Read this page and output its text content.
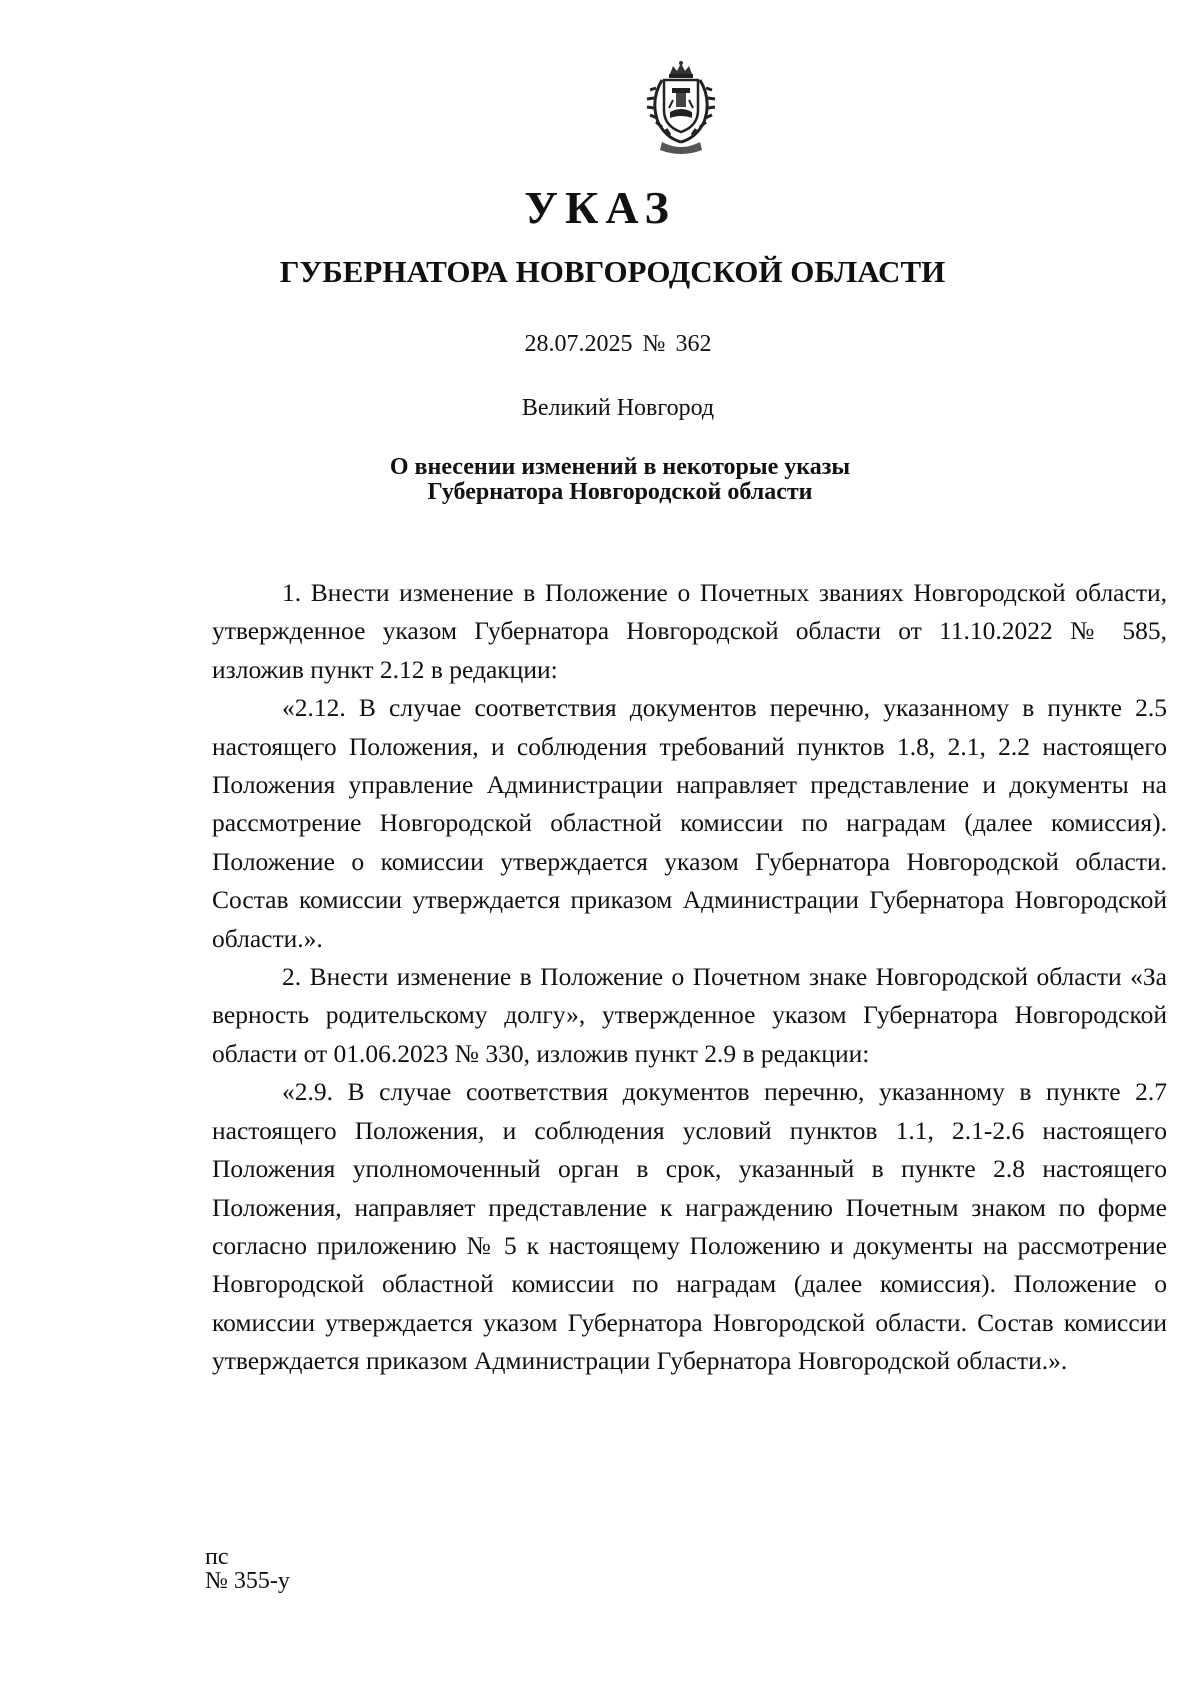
УКАЗ
ГУБЕРНАТОРА НОВГОРОДСКОЙ ОБЛАСТИ
28.07.2025 № 362
Великий Новгород
О внесении изменений в некоторые указы
Губернатора Новгородской области

1. Внести изменение в Положение о Почетных званиях Новгородской области, утвержденное указом Губернатора Новгородской области от 11.10.2022 № 585, изложив пункт 2.12 в редакции:

«2.12. В случае соответствия документов перечню, указанному в пункте 2.5 настоящего Положения, и соблюдения требований пунктов 1.8, 2.1, 2.2 настоящего Положения управление Администрации направляет представление и документы на рассмотрение Новгородской областной комиссии по наградам (далее комиссия). Положение о комиссии утверждается указом Губернатора Новгородской области. Состав комиссии утверждается приказом Администрации Губернатора Новгородской области.».

2. Внести изменение в Положение о Почетном знаке Новгородской области «За верность родительскому долгу», утвержденное указом Губернатора Новгородской области от 01.06.2023 № 330, изложив пункт 2.9 в редакции:

«2.9. В случае соответствия документов перечню, указанному в пункте 2.7 настоящего Положения, и соблюдения условий пунктов 1.1, 2.1-2.6 настоящего Положения уполномоченный орган в срок, указанный в пункте 2.8 настоящего Положения, направляет представление к награждению Почетным знаком по форме согласно приложению № 5 к настоящему Положению и документы на рассмотрение Новгородской областной комиссии по наградам (далее комиссия). Положение о комиссии утверждается указом Губернатора Новгородской области. Состав комиссии утверждается приказом Администрации Губернатора Новгородской области.».

пс
№ 355-у
